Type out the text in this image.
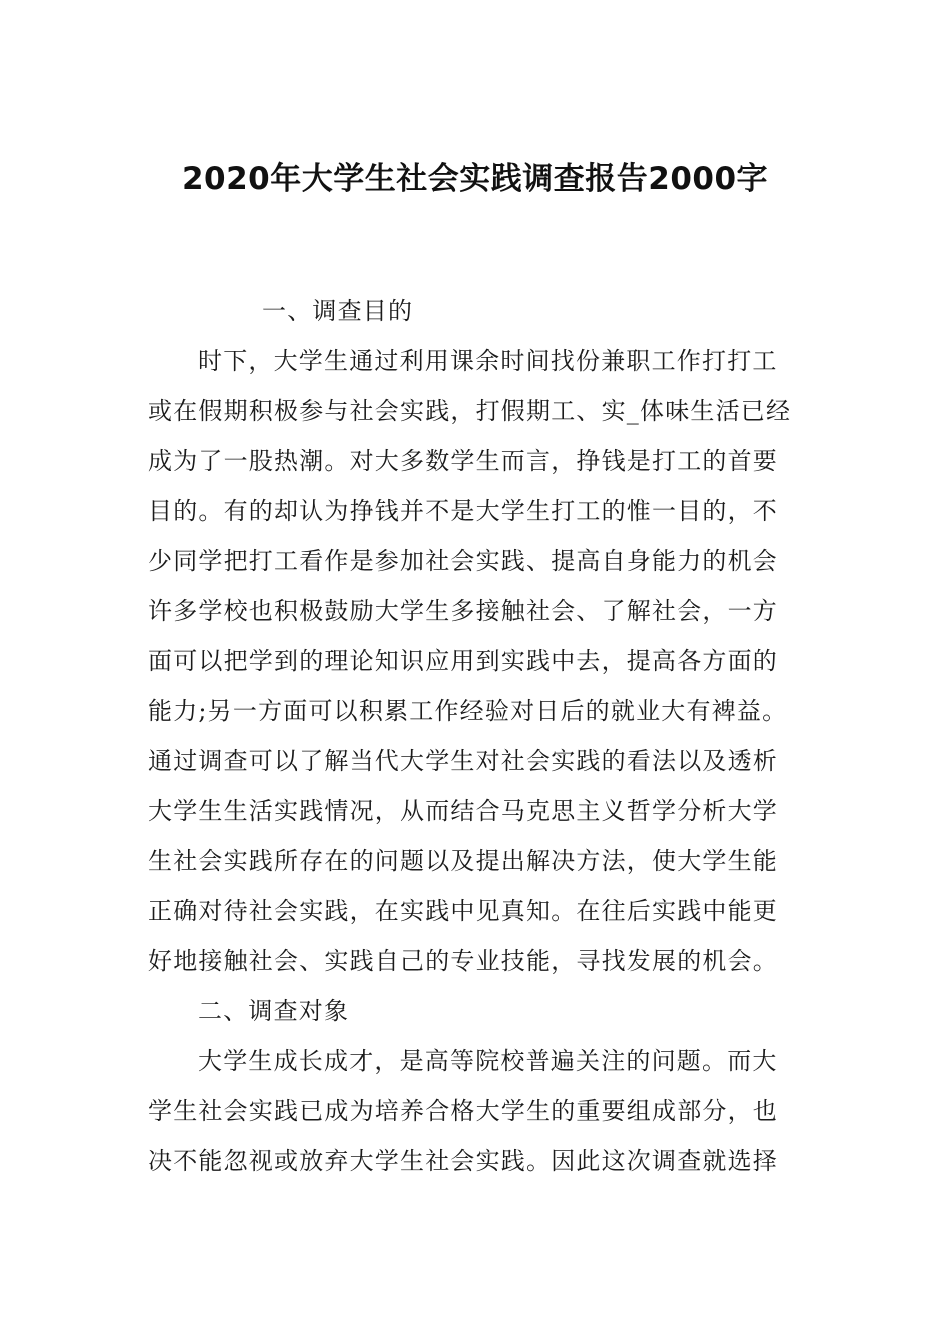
2020年大学生社会实践调查报告2000字
一、调查目的
时下，大学生通过利用课余时间找份兼职工作打打工
或在假期积极参与社会实践，打假期工、实_体味生活已经
成为了一股热潮。对大多数学生而言，挣钱是打工的首要
目的。有的却认为挣钱并不是大学生打工的惟一目的，不
少同学把打工看作是参加社会实践、提高自身能力的机会
许多学校也积极鼓励大学生多接触社会、了解社会，一方
面可以把学到的理论知识应用到实践中去，提高各方面的
能力;另一方面可以积累工作经验对日后的就业大有裨益。
通过调查可以了解当代大学生对社会实践的看法以及透析
大学生生活实践情况，从而结合马克思主义哲学分析大学
生社会实践所存在的问题以及提出解决方法，使大学生能
正确对待社会实践，在实践中见真知。在往后实践中能更
好地接触社会、实践自己的专业技能，寻找发展的机会。
二、调查对象
大学生成长成才，是高等院校普遍关注的问题。而大
学生社会实践已成为培养合格大学生的重要组成部分，也
决不能忽视或放弃大学生社会实践。因此这次调查就选择
